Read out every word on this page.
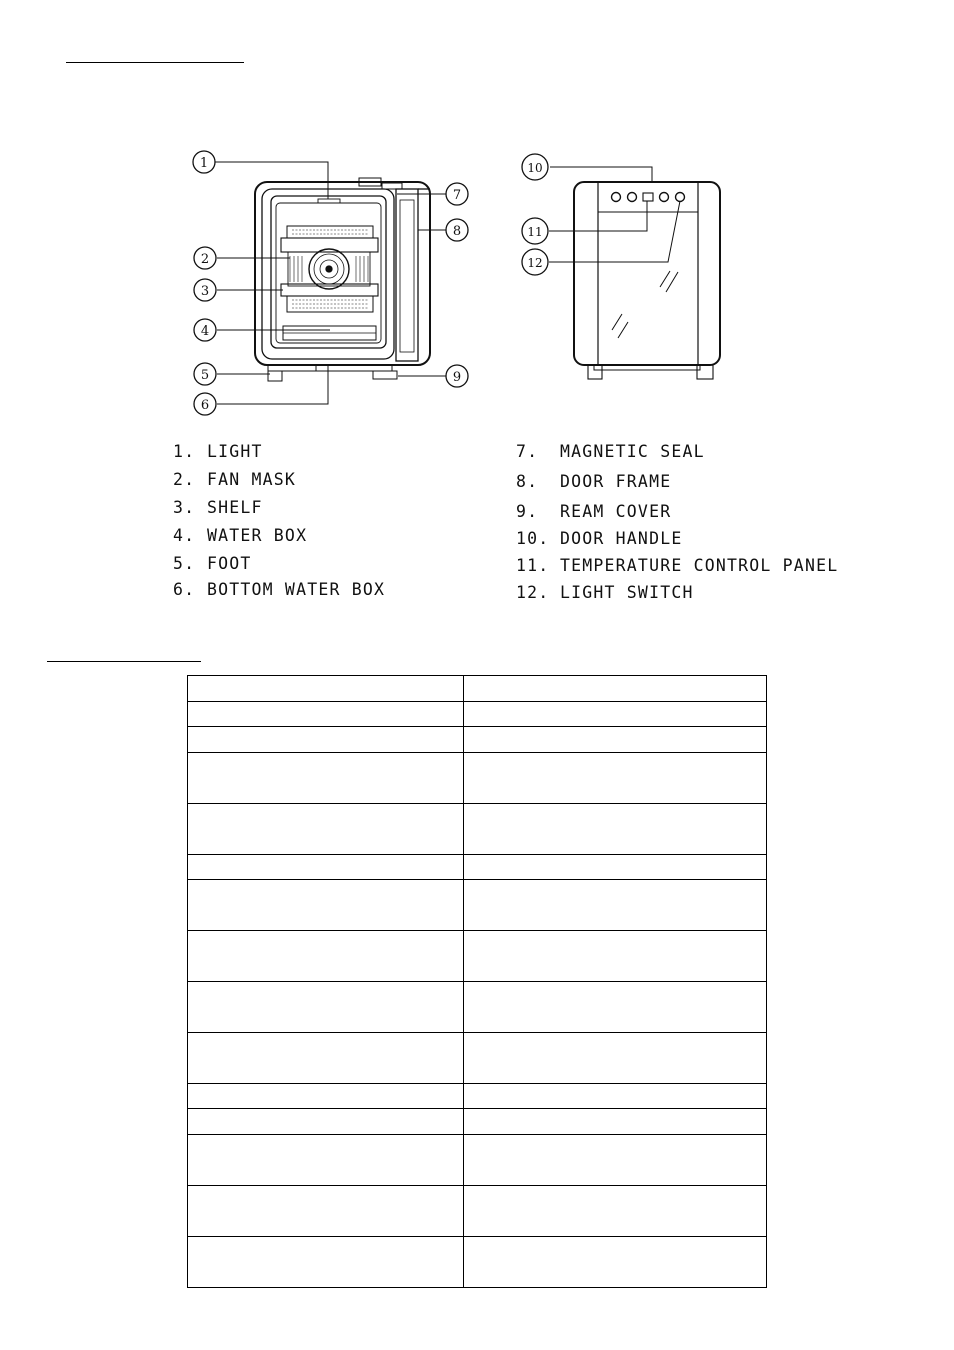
1
2
3
4
5
6
7
8
9
10
11
12
1. LIGHT
2. FAN MASK
3. SHELF
4. WATER BOX
5. FOOT
6. BOTTOM WATER BOX
7. MAGNETIC SEAL
8. DOOR FRAME
9. REAM COVER
10. DOOR HANDLE
11. TEMPERATURE CONTROL PANEL
12. LIGHT SWITCH
